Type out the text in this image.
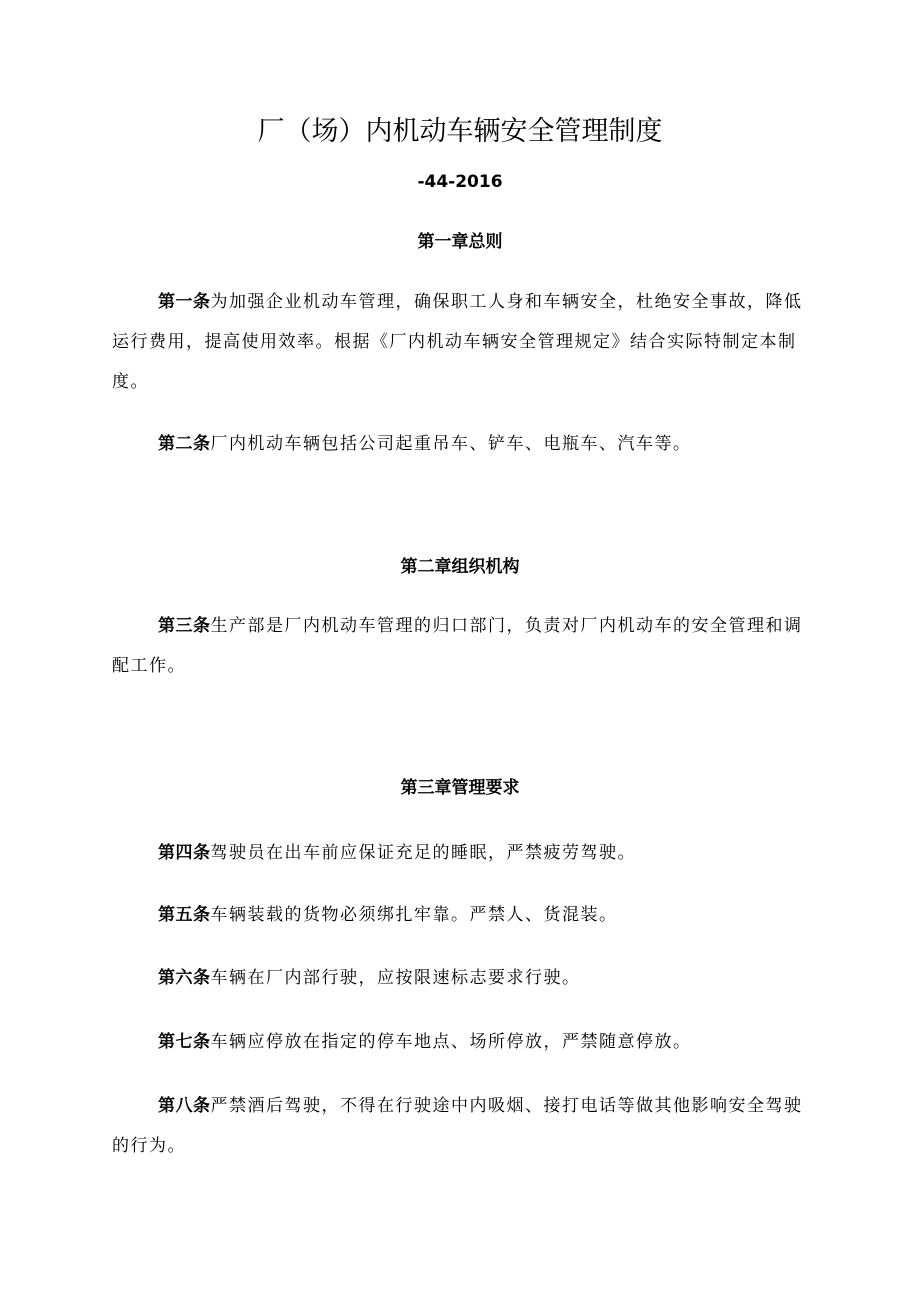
厂（场）内机动车辆安全管理制度
-44-2016
第一章总则

第一条为加强企业机动车管理，确保职工人身和车辆安全，杜绝安全事故，降低运行费用，提高使用效率。根据《厂内机动车辆安全管理规定》结合实际特制定本制度。

第二条厂内机动车辆包括公司起重吊车、铲车、电瓶车、汽车等。

第二章组织机构

第三条生产部是厂内机动车管理的归口部门，负责对厂内机动车的安全管理和调配工作。

第三章管理要求

第四条驾驶员在出车前应保证充足的睡眠，严禁疲劳驾驶。

第五条车辆装载的货物必须绑扎牢靠。严禁人、货混装。

第六条车辆在厂内部行驶，应按限速标志要求行驶。

第七条车辆应停放在指定的停车地点、场所停放，严禁随意停放。

第八条严禁酒后驾驶，不得在行驶途中内吸烟、接打电话等做其他影响安全驾驶的行为。
